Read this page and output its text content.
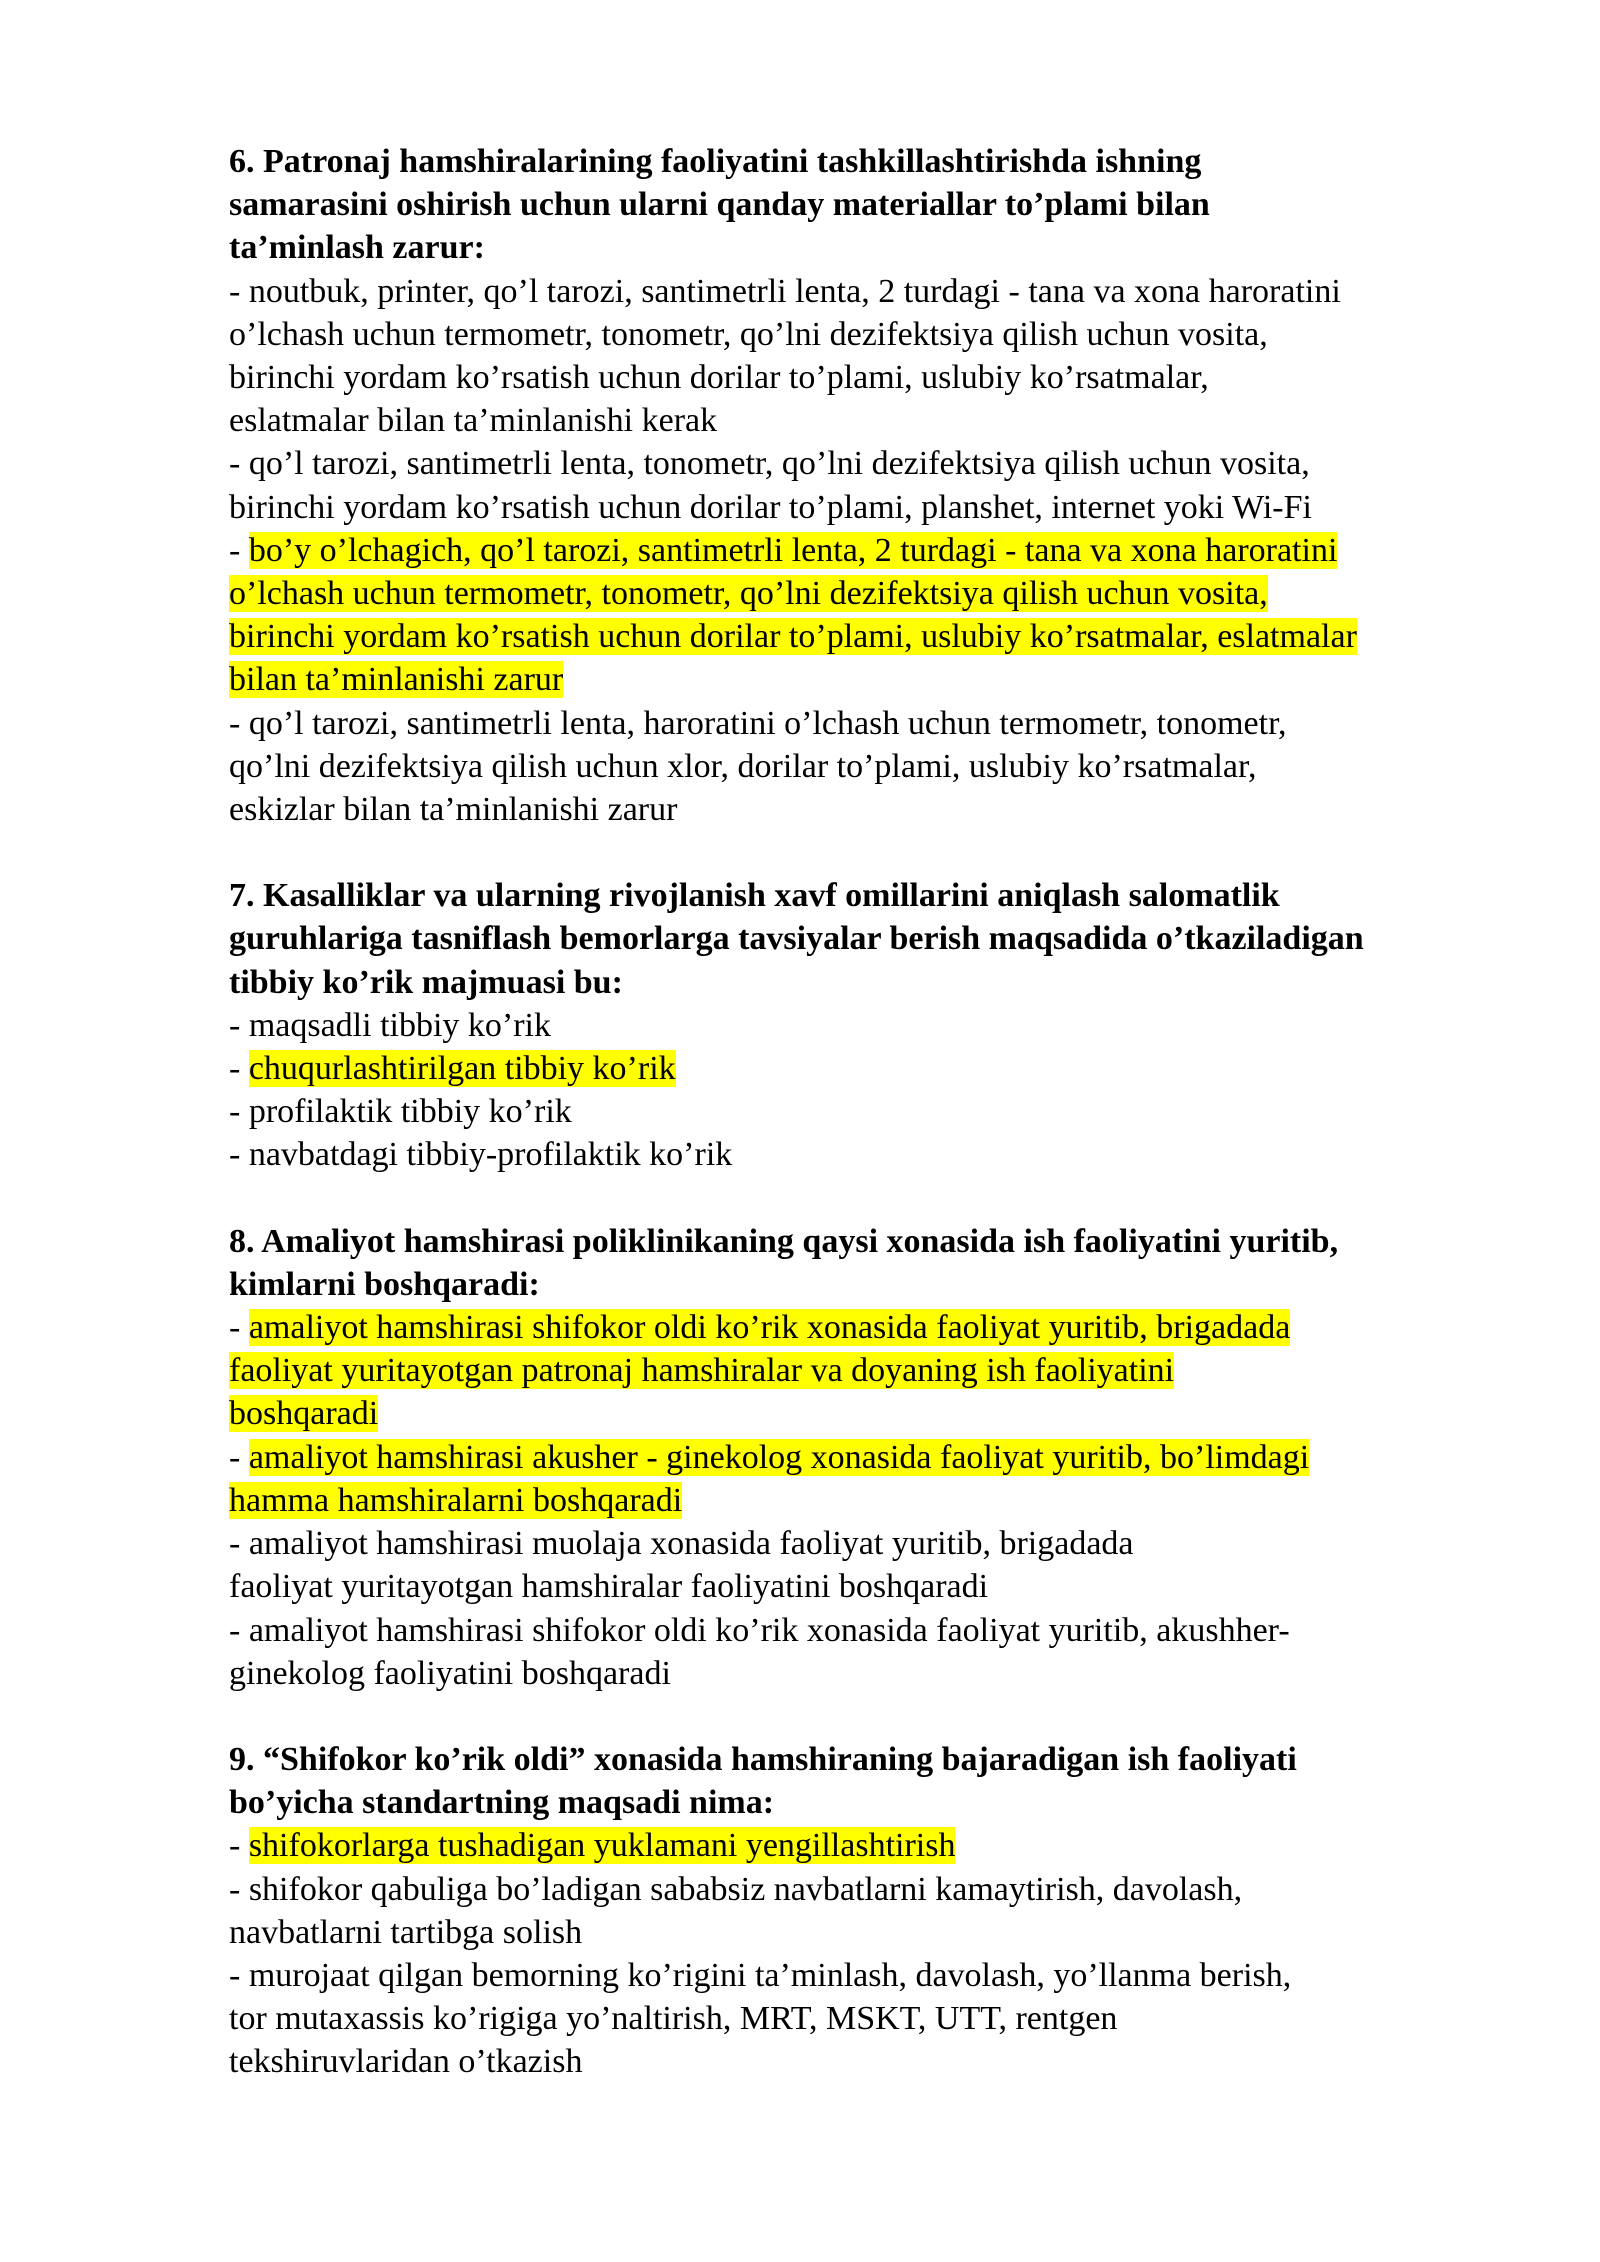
6. Patronaj hamshiralarining faoliyatini tashkillashtirishda ishning
samarasini oshirish uchun ularni qanday materiallar to’plami bilan
ta’minlash zarur:

- noutbuk, printer, qo’l tarozi, santimetrli lenta, 2 turdagi - tana va xona haroratini

o’lchash uchun termometr, tonometr, qo’lni dezifektsiya qilish uchun vosita,

birinchi yordam ko’rsatish uchun dorilar to’plami, uslubiy ko’rsatmalar,

eslatmalar bilan ta’minlanishi kerak

- qo’l tarozi, santimetrli lenta, tonometr, qo’lni dezifektsiya qilish uchun vosita,

birinchi yordam ko’rsatish uchun dorilar to’plami, planshet, internet yoki Wi-Fi

- bo’y o’lchagich, qo’l tarozi, santimetrli lenta, 2 turdagi - tana va xona haroratini

o’lchash uchun termometr, tonometr, qo’lni dezifektsiya qilish uchun vosita,

birinchi yordam ko’rsatish uchun dorilar to’plami, uslubiy ko’rsatmalar, eslatmalar

bilan ta’minlanishi zarur

- qo’l tarozi, santimetrli lenta, haroratini o’lchash uchun termometr, tonometr,

qo’lni dezifektsiya qilish uchun xlor, dorilar to’plami, uslubiy ko’rsatmalar,

eskizlar bilan ta’minlanishi zarur

7. Kasalliklar va ularning rivojlanish xavf omillarini aniqlash salomatlik
guruhlariga tasniflash bemorlarga tavsiyalar berish maqsadida o’tkaziladigan
tibbiy ko’rik majmuasi bu:

- maqsadli tibbiy ko’rik

- chuqurlashtirilgan tibbiy ko’rik

- profilaktik tibbiy ko’rik

- navbatdagi tibbiy-profilaktik ko’rik

8. Amaliyot hamshirasi poliklinikaning qaysi xonasida ish faoliyatini yuritib,
kimlarni boshqaradi:

- amaliyot hamshirasi shifokor oldi ko’rik xonasida faoliyat yuritib, brigadada

faoliyat yuritayotgan patronaj hamshiralar va doyaning ish faoliyatini

boshqaradi

- amaliyot hamshirasi akusher - ginekolog xonasida faoliyat yuritib, bo’limdagi

hamma hamshiralarni boshqaradi

- amaliyot hamshirasi muolaja xonasida faoliyat yuritib, brigadada

faoliyat yuritayotgan hamshiralar faoliyatini boshqaradi

- amaliyot hamshirasi shifokor oldi ko’rik xonasida faoliyat yuritib, akushher-

ginekolog faoliyatini boshqaradi

9. “Shifokor ko’rik oldi” xonasida hamshiraning bajaradigan ish faoliyati
bo’yicha standartning maqsadi nima:

- shifokorlarga tushadigan yuklamani yengillashtirish

- shifokor qabuliga bo’ladigan sababsiz navbatlarni kamaytirish, davolash,

navbatlarni tartibga solish

- murojaat qilgan bemorning ko’rigini ta’minlash, davolash, yo’llanma berish,

tor mutaxassis ko’rigiga yo’naltirish, MRT, MSKT, UTT, rentgen

tekshiruvlaridan o’tkazish
